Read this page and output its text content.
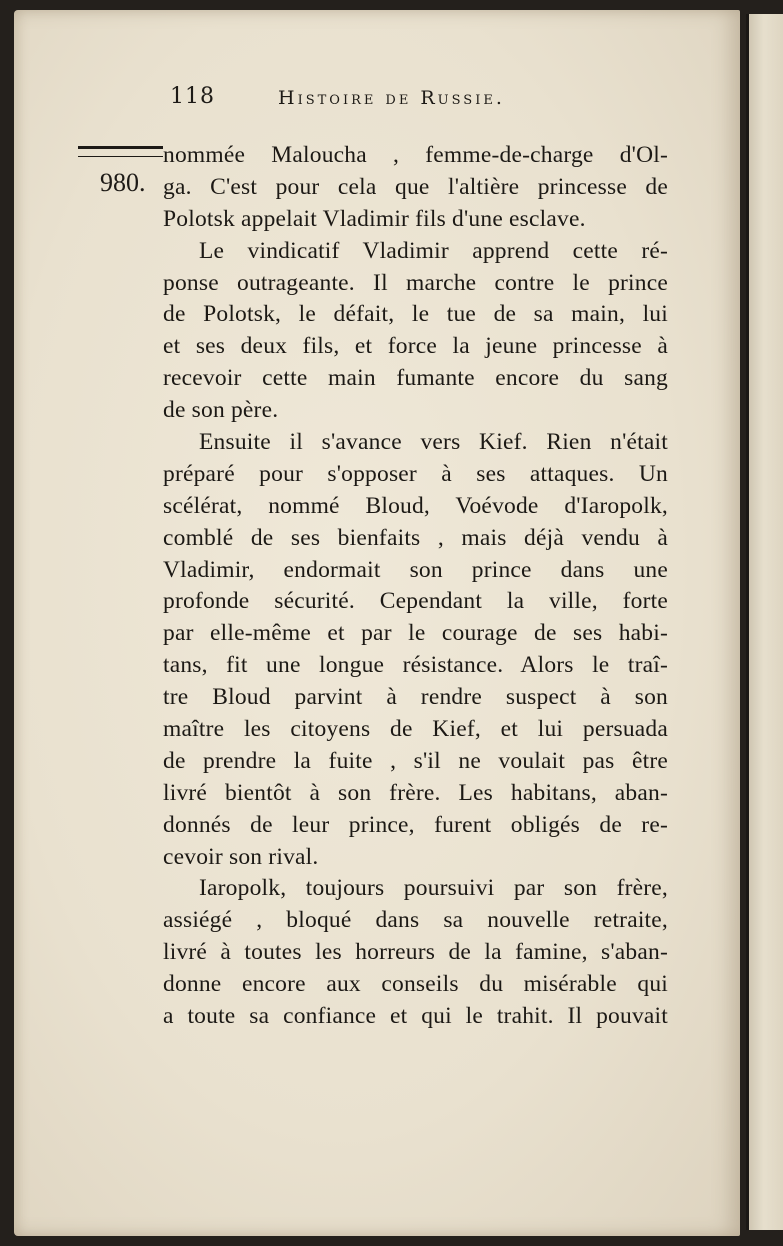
118	Histoire de Russie.
980.
nommée Maloucha , femme-de-charge d'Ol-
ga. C'est pour cela que l'altière princesse de
Polotsk appelait Vladimir fils d'une esclave.
Le vindicatif Vladimir apprend cette ré-
ponse outrageante. Il marche contre le prince
de Polotsk, le défait, le tue de sa main, lui
et ses deux fils, et force la jeune princesse à
recevoir cette main fumante encore du sang
de son père.
Ensuite il s'avance vers Kief. Rien n'était
préparé pour s'opposer à ses attaques. Un
scélérat, nommé Bloud, Voévode d'Iaropolk,
comblé de ses bienfaits , mais déjà vendu à
Vladimir, endormait son prince dans une
profonde sécurité. Cependant la ville, forte
par elle-même et par le courage de ses habi-
tans, fit une longue résistance. Alors le traî-
tre Bloud parvint à rendre suspect à son
maître les citoyens de Kief, et lui persuada
de prendre la fuite , s'il ne voulait pas être
livré bientôt à son frère. Les habitans, aban-
donnés de leur prince, furent obligés de re-
cevoir son rival.
Iaropolk, toujours poursuivi par son frère,
assiégé , bloqué dans sa nouvelle retraite,
livré à toutes les horreurs de la famine, s'aban-
donne encore aux conseils du misérable qui
a toute sa confiance et qui le trahit. Il pouvait
